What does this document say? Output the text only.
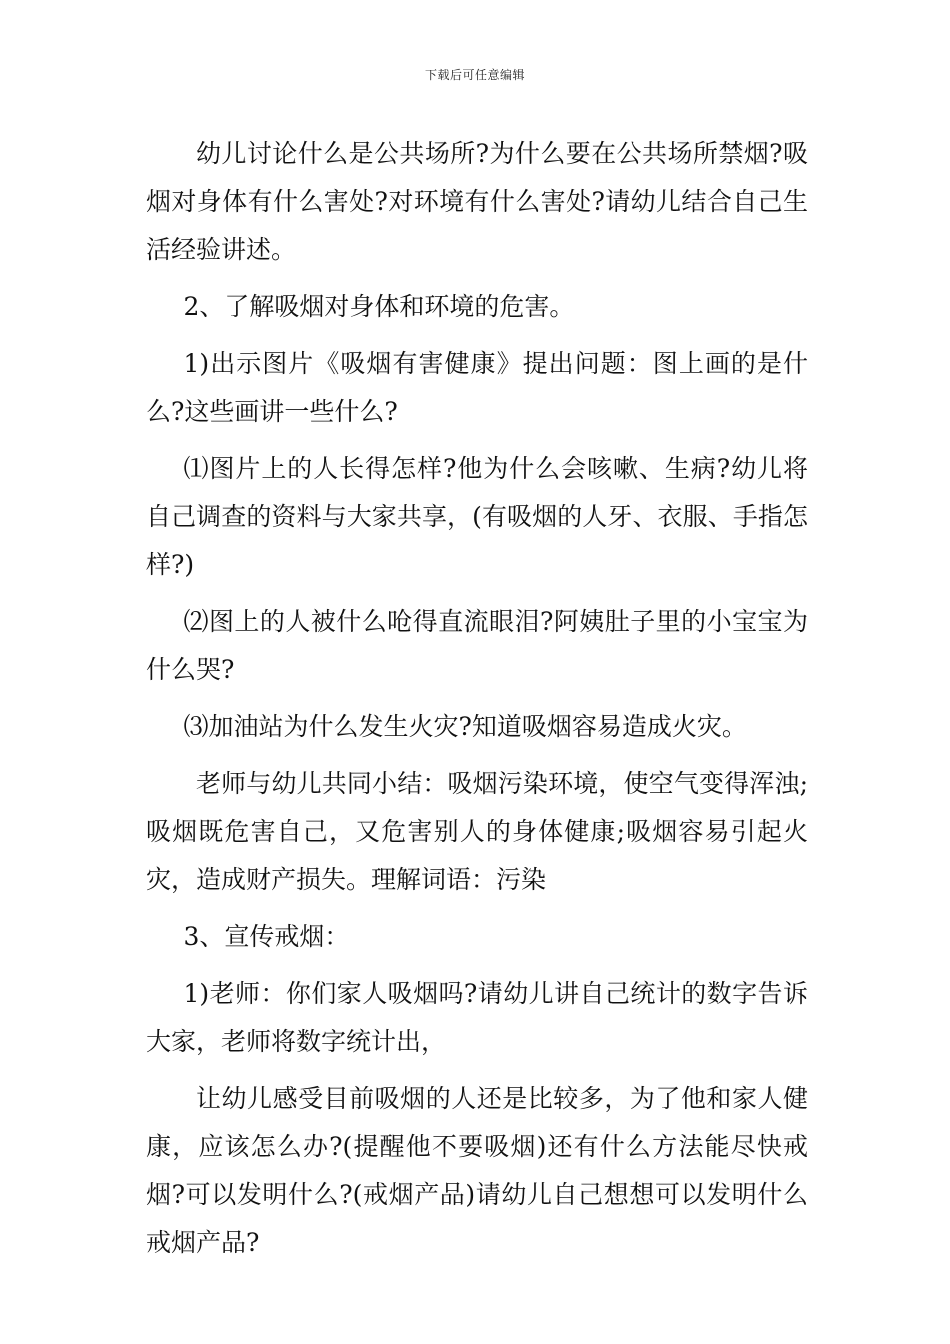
下载后可任意编辑

幼儿讨论什么是公共场所?为什么要在公共场所禁烟?吸烟对身体有什么害处?对环境有什么害处?请幼儿结合自己生活经验讲述。

2、了解吸烟对身体和环境的危害。

1)出示图片《吸烟有害健康》提出问题：图上画的是什么?这些画讲一些什么?

⑴图片上的人长得怎样?他为什么会咳嗽、生病?幼儿将自己调查的资料与大家共享，(有吸烟的人牙、衣服、手指怎样?)

⑵图上的人被什么呛得直流眼泪?阿姨肚子里的小宝宝为什么哭?

⑶加油站为什么发生火灾?知道吸烟容易造成火灾。

老师与幼儿共同小结：吸烟污染环境，使空气变得浑浊;吸烟既危害自己，又危害别人的身体健康;吸烟容易引起火灾，造成财产损失。理解词语：污染

3、宣传戒烟：

1)老师：你们家人吸烟吗?请幼儿讲自己统计的数字告诉大家，老师将数字统计出，

让幼儿感受目前吸烟的人还是比较多，为了他和家人健康，应该怎么办?(提醒他不要吸烟)还有什么方法能尽快戒烟?可以发明什么?(戒烟产品)请幼儿自己想想可以发明什么戒烟产品?
